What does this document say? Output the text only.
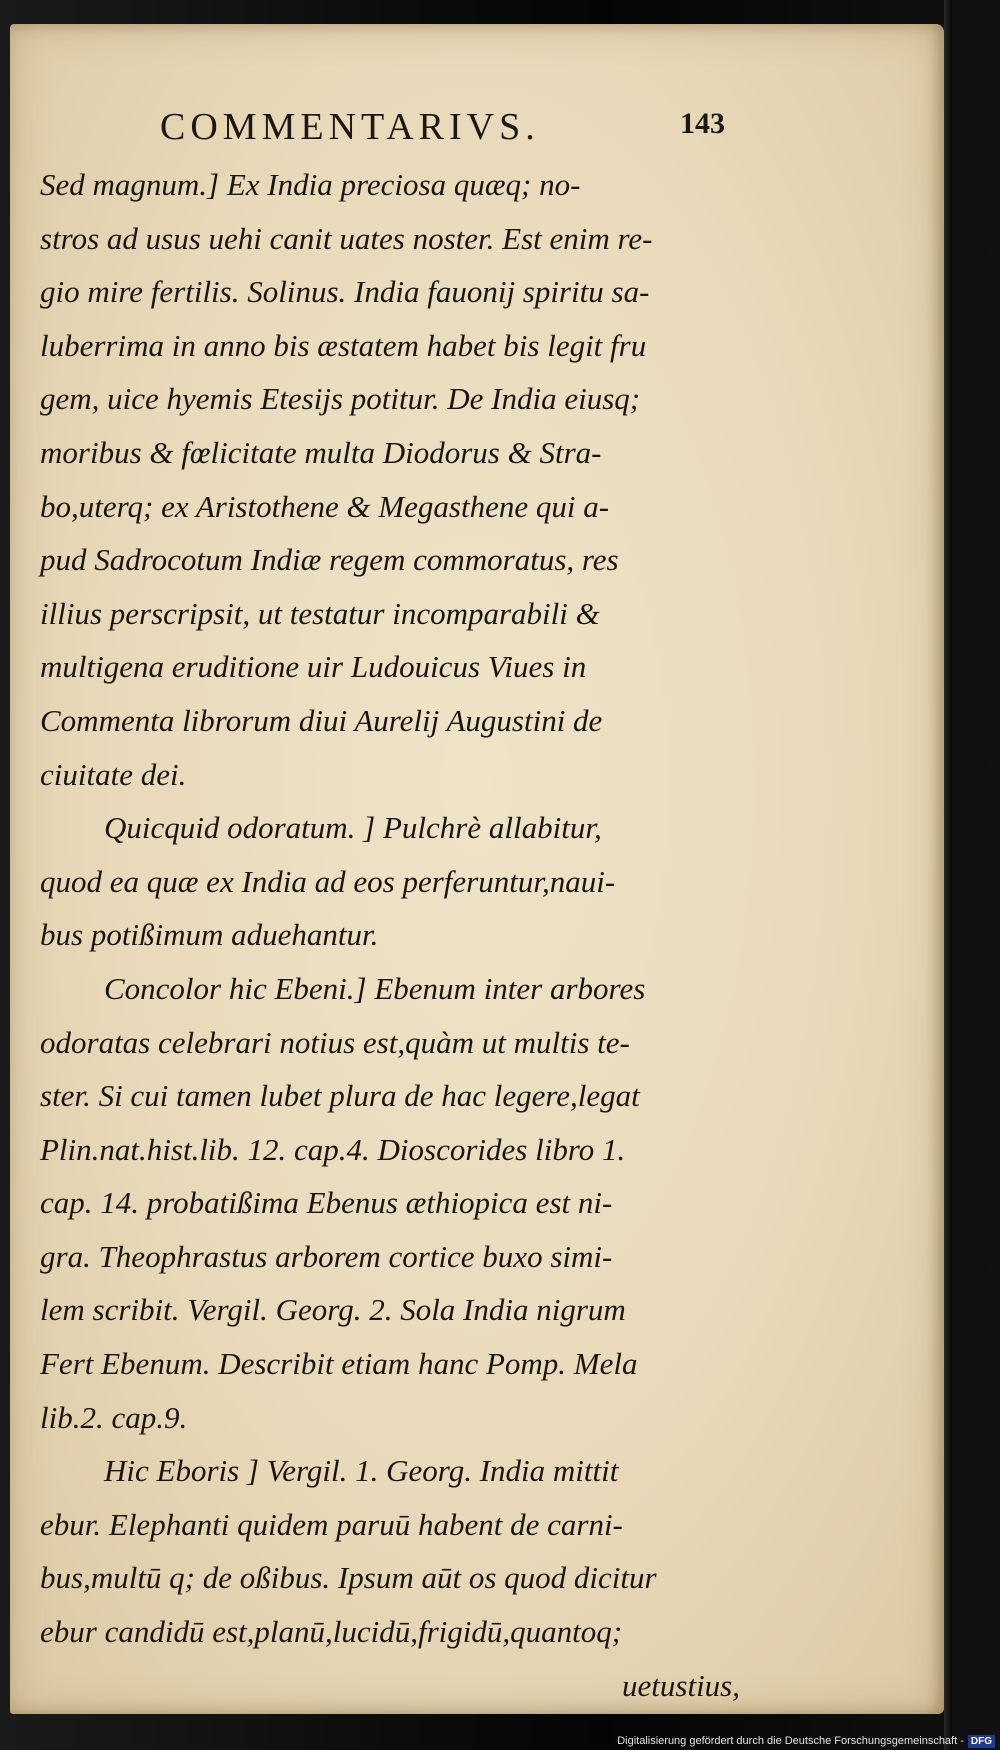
COMMENTARIVS.	143
Sed magnum.] Ex India preciosa quæq; no-
stros ad usus uehi canit uates noster. Est enim re-
gio mire fertilis. Solinus. India fauonij spiritu sa-
luberrima in anno bis æstatem habet bis legit fru
gem, uice hyemis Etesijs potitur. De India eiusq;
moribus & fœlicitate multa Diodorus & Stra-
bo,uterq; ex Aristothene & Megasthene qui a-
pud Sadrocotum Indiæ regem commoratus, res
illius perscripsit, ut testatur incomparabili &
multigena eruditione uir Ludouicus Viues in
Commenta librorum diui Aurelij Augustini de
ciuitate dei.
Quicquid odoratum. ] Pulchrè allabitur,
quod ea quæ ex India ad eos perferuntur,naui-
bus potißimum aduehantur.
Concolor hic Ebeni.] Ebenum inter arbores
odoratas celebrari notius est,quàm ut multis te-
ster. Si cui tamen lubet plura de hac legere,legat
Plin.nat.hist.lib. 12. cap.4. Dioscorides libro 1.
cap. 14. probatißima Ebenus æthiopica est ni-
gra. Theophrastus arborem cortice buxo simi-
lem scribit. Vergil. Georg. 2. Sola India nigrum
Fert Ebenum. Describit etiam hanc Pomp. Mela
lib.2. cap.9.
Hic Eboris ] Vergil. 1. Georg. India mittit
ebur. Elephanti quidem paruū habent de carni-
bus,multū q; de oßibus. Ipsum aūt os quod dicitur
ebur candidū est,planū,lucidū,frigidū,quantoq;
uetustius,
Digitalisierung gefördert durch die Deutsche Forschungsgemeinschaft - DFG
